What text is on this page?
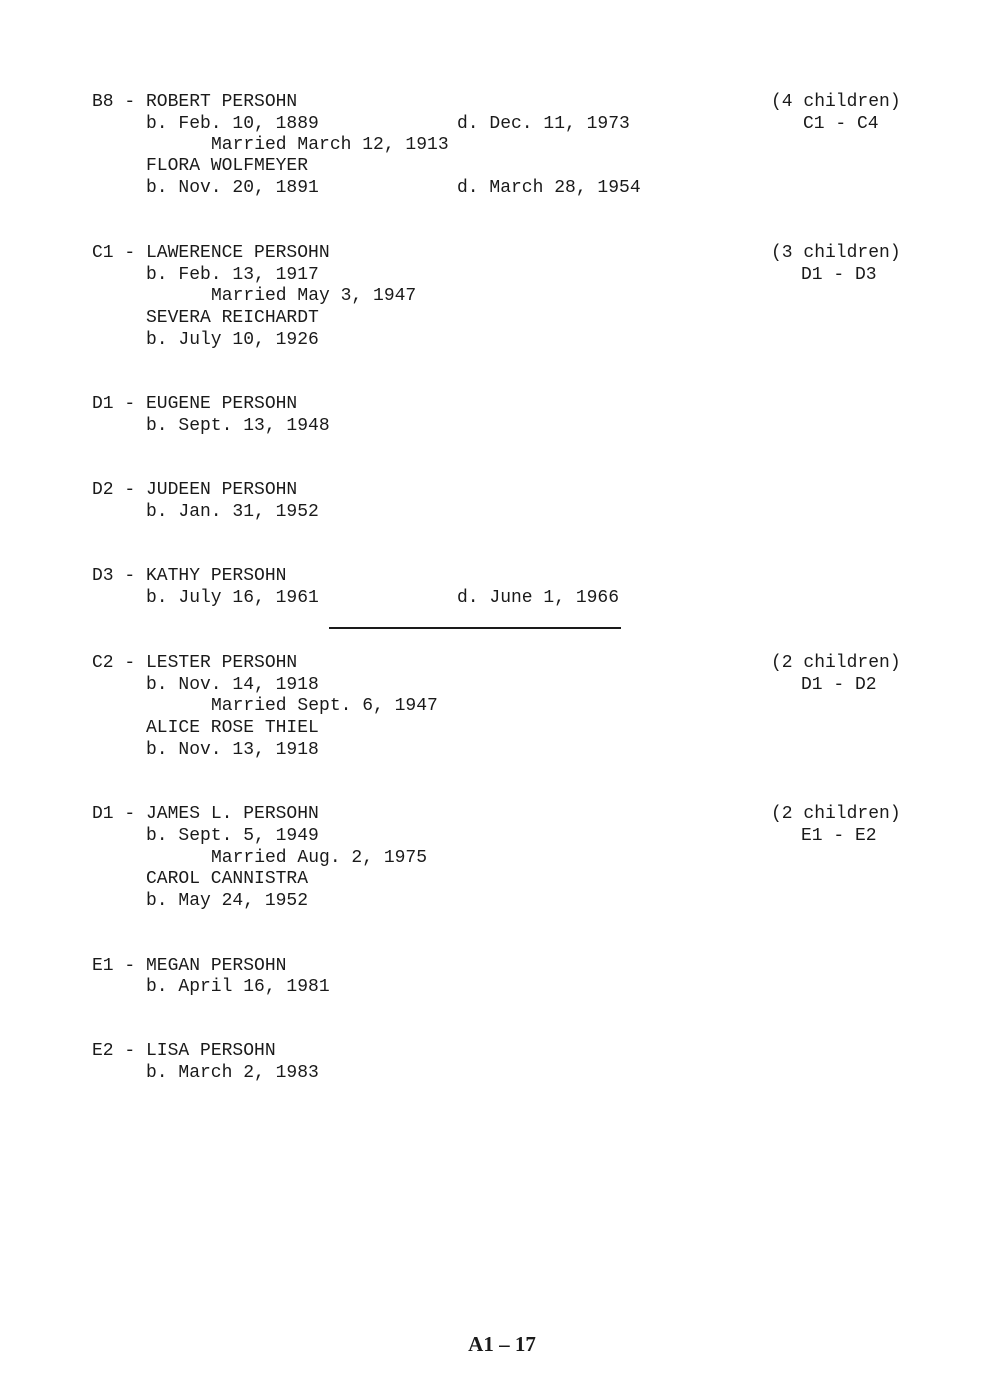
B8 - ROBERT PERSOHN
b. Feb. 10, 1889	d. Dec. 11, 1973
Married March 12, 1913
FLORA WOLFMEYER
b. Nov. 20, 1891	d. March 28, 1954
(4 children)
C1 - C4
C1 - LAWERENCE PERSOHN
b. Feb. 13, 1917
Married May 3, 1947
SEVERA REICHARDT
b. July 10, 1926
(3 children)
D1 - D3
D1 - EUGENE PERSOHN
b. Sept. 13, 1948
D2 - JUDEEN PERSOHN
b. Jan. 31, 1952
D3 - KATHY PERSOHN
b. July 16, 1961	d. June 1, 1966
C2 - LESTER PERSOHN
b. Nov. 14, 1918
Married Sept. 6, 1947
ALICE ROSE THIEL
b. Nov. 13, 1918
(2 children)
D1 - D2
D1 - JAMES L. PERSOHN
b. Sept. 5, 1949
Married Aug. 2, 1975
CAROL CANNISTRA
b. May 24, 1952
(2 children)
E1 - E2
E1 - MEGAN PERSOHN
b. April 16, 1981
E2 - LISA PERSOHN
b. March 2, 1983
A1 – 17
